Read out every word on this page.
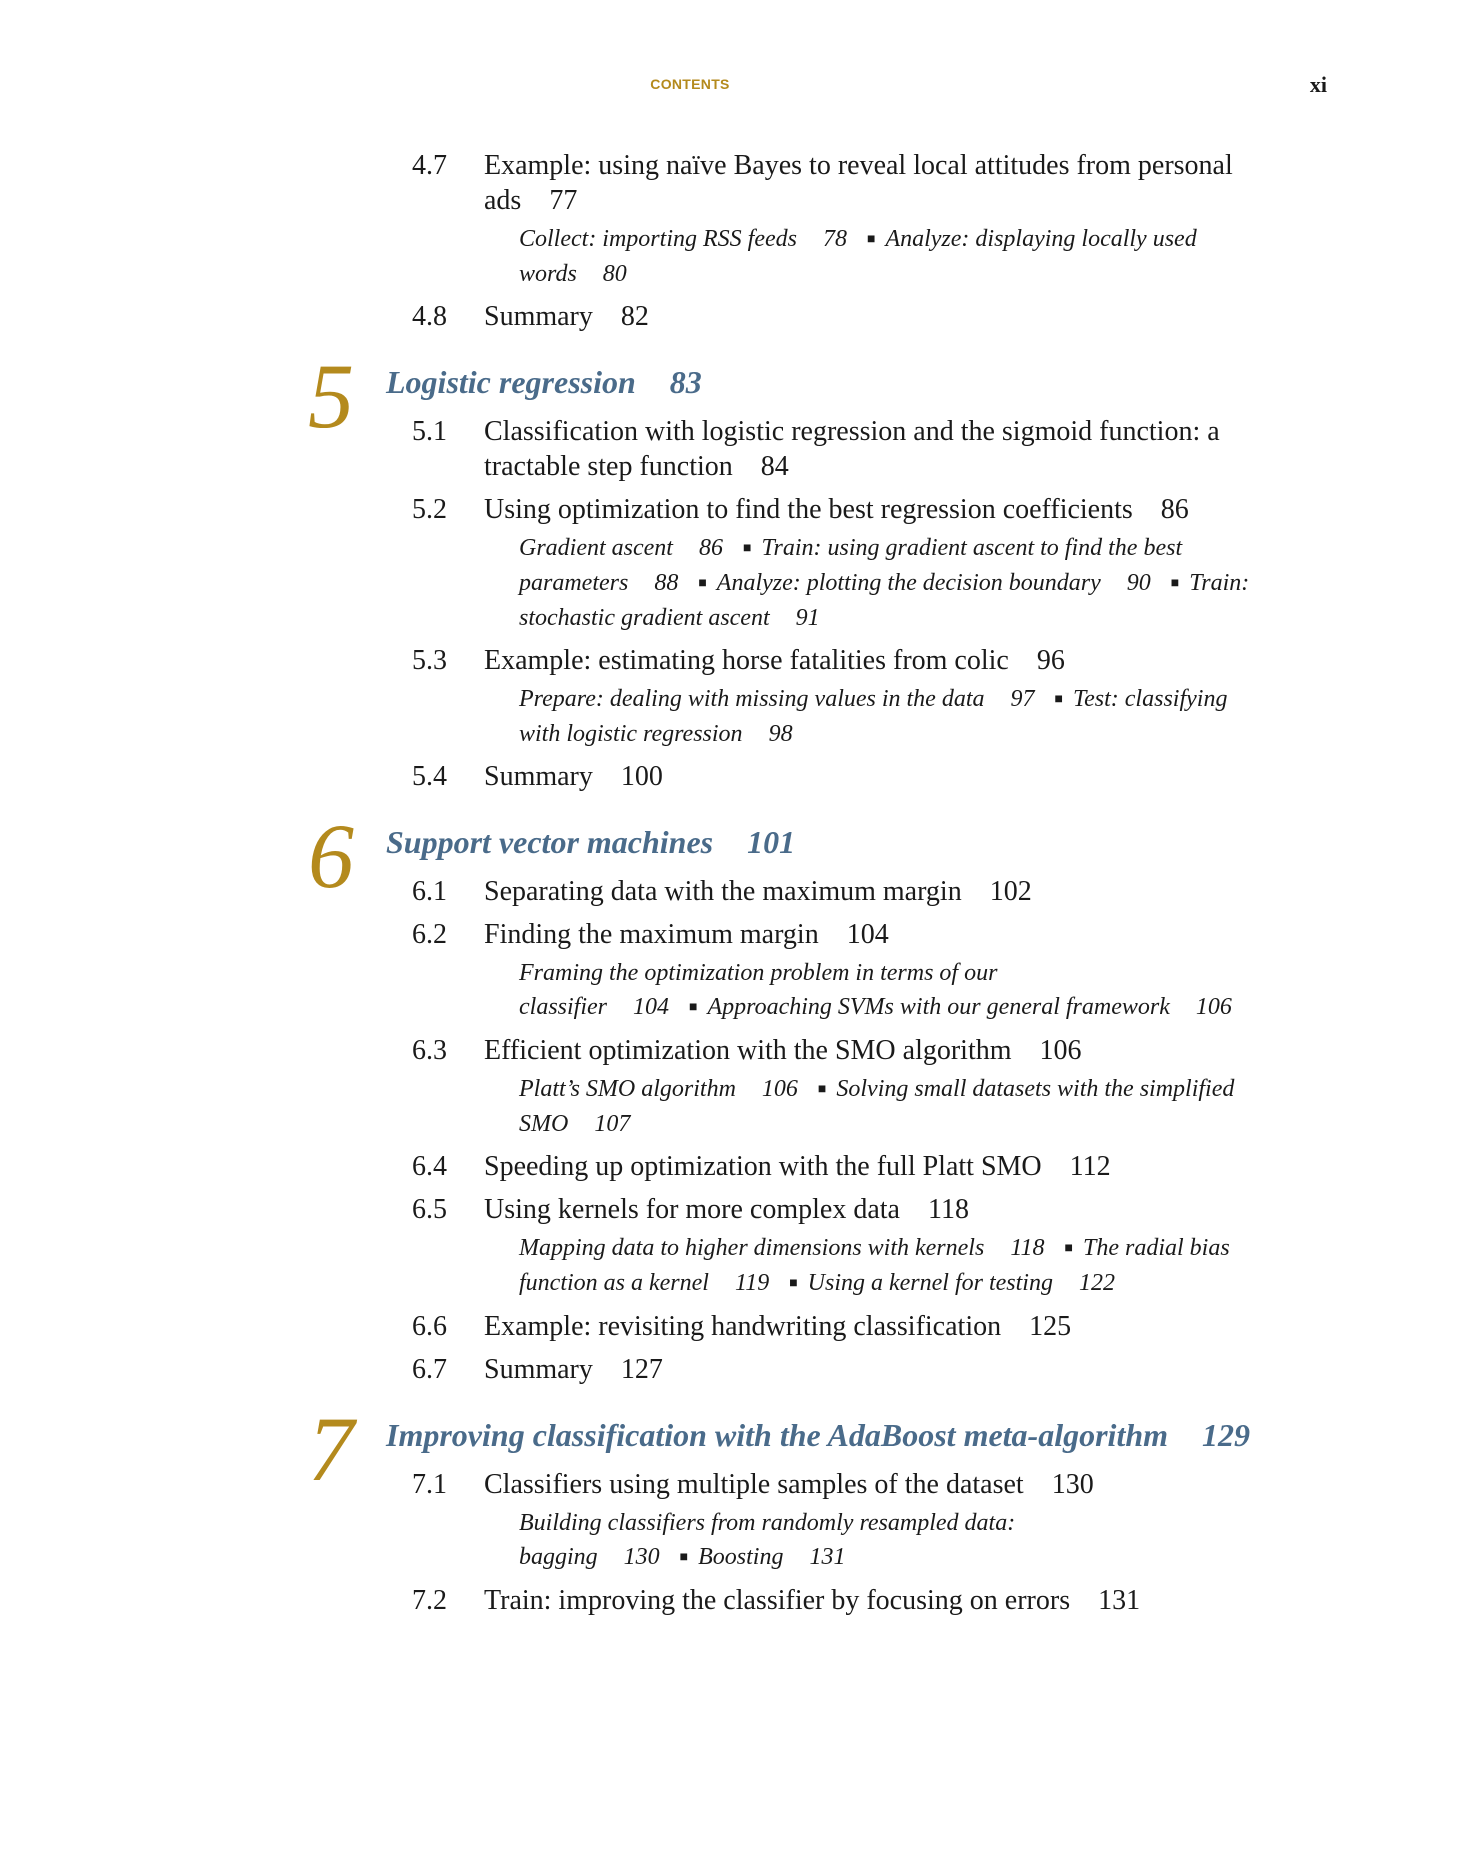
CONTENTS	xi
4.7	Example: using naïve Bayes to reveal local attitudes from personal ads 77
Collect: importing RSS feeds 78 ■ Analyze: displaying locally used words 80
4.8	Summary 82
5 Logistic regression 83
5.1	Classification with logistic regression and the sigmoid function: a tractable step function 84
5.2	Using optimization to find the best regression coefficients 86
Gradient ascent 86 ■ Train: using gradient ascent to find the best parameters 88 ■ Analyze: plotting the decision boundary 90 ■ Train: stochastic gradient ascent 91
5.3	Example: estimating horse fatalities from colic 96
Prepare: dealing with missing values in the data 97 ■ Test: classifying with logistic regression 98
5.4	Summary 100
6 Support vector machines 101
6.1	Separating data with the maximum margin 102
6.2	Finding the maximum margin 104
Framing the optimization problem in terms of our classifier 104 ■ Approaching SVMs with our general framework 106
6.3	Efficient optimization with the SMO algorithm 106
Platt’s SMO algorithm 106 ■ Solving small datasets with the simplified SMO 107
6.4	Speeding up optimization with the full Platt SMO 112
6.5	Using kernels for more complex data 118
Mapping data to higher dimensions with kernels 118 ■ The radial bias function as a kernel 119 ■ Using a kernel for testing 122
6.6	Example: revisiting handwriting classification 125
6.7	Summary 127
7 Improving classification with the AdaBoost meta-algorithm 129
7.1	Classifiers using multiple samples of the dataset 130
Building classifiers from randomly resampled data: bagging 130 ■ Boosting 131
7.2	Train: improving the classifier by focusing on errors 131
